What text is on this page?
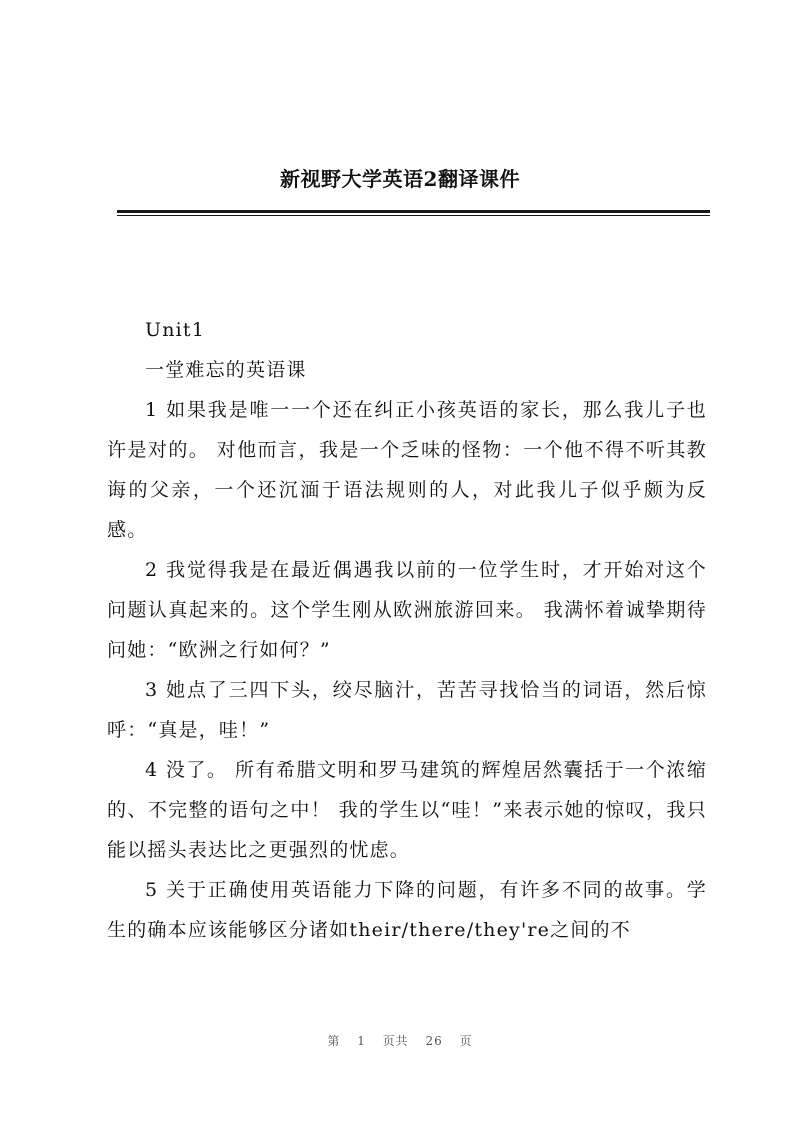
新视野大学英语2翻译课件

Unit1

一堂难忘的英语课

1 如果我是唯一一个还在纠正小孩英语的家长，那么我儿子也许是对的。 对他而言，我是一个乏味的怪物：一个他不得不听其教诲的父亲，一个还沉湎于语法规则的人，对此我儿子似乎颇为反感。

2 我觉得我是在最近偶遇我以前的一位学生时，才开始对这个问题认真起来的。这个学生刚从欧洲旅游回来。 我满怀着诚挚期待问她：“欧洲之行如何？”

3 她点了三四下头，绞尽脑汁，苦苦寻找恰当的词语，然后惊呼：“真是，哇！”

4 没了。 所有希腊文明和罗马建筑的辉煌居然囊括于一个浓缩的、不完整的语句之中！ 我的学生以“哇！”来表示她的惊叹，我只能以摇头表达比之更强烈的忧虑。

5 关于正确使用英语能力下降的问题，有许多不同的故事。学生的确本应该能够区分诸如their/there/they're之间的不

第 1 页共 26 页
